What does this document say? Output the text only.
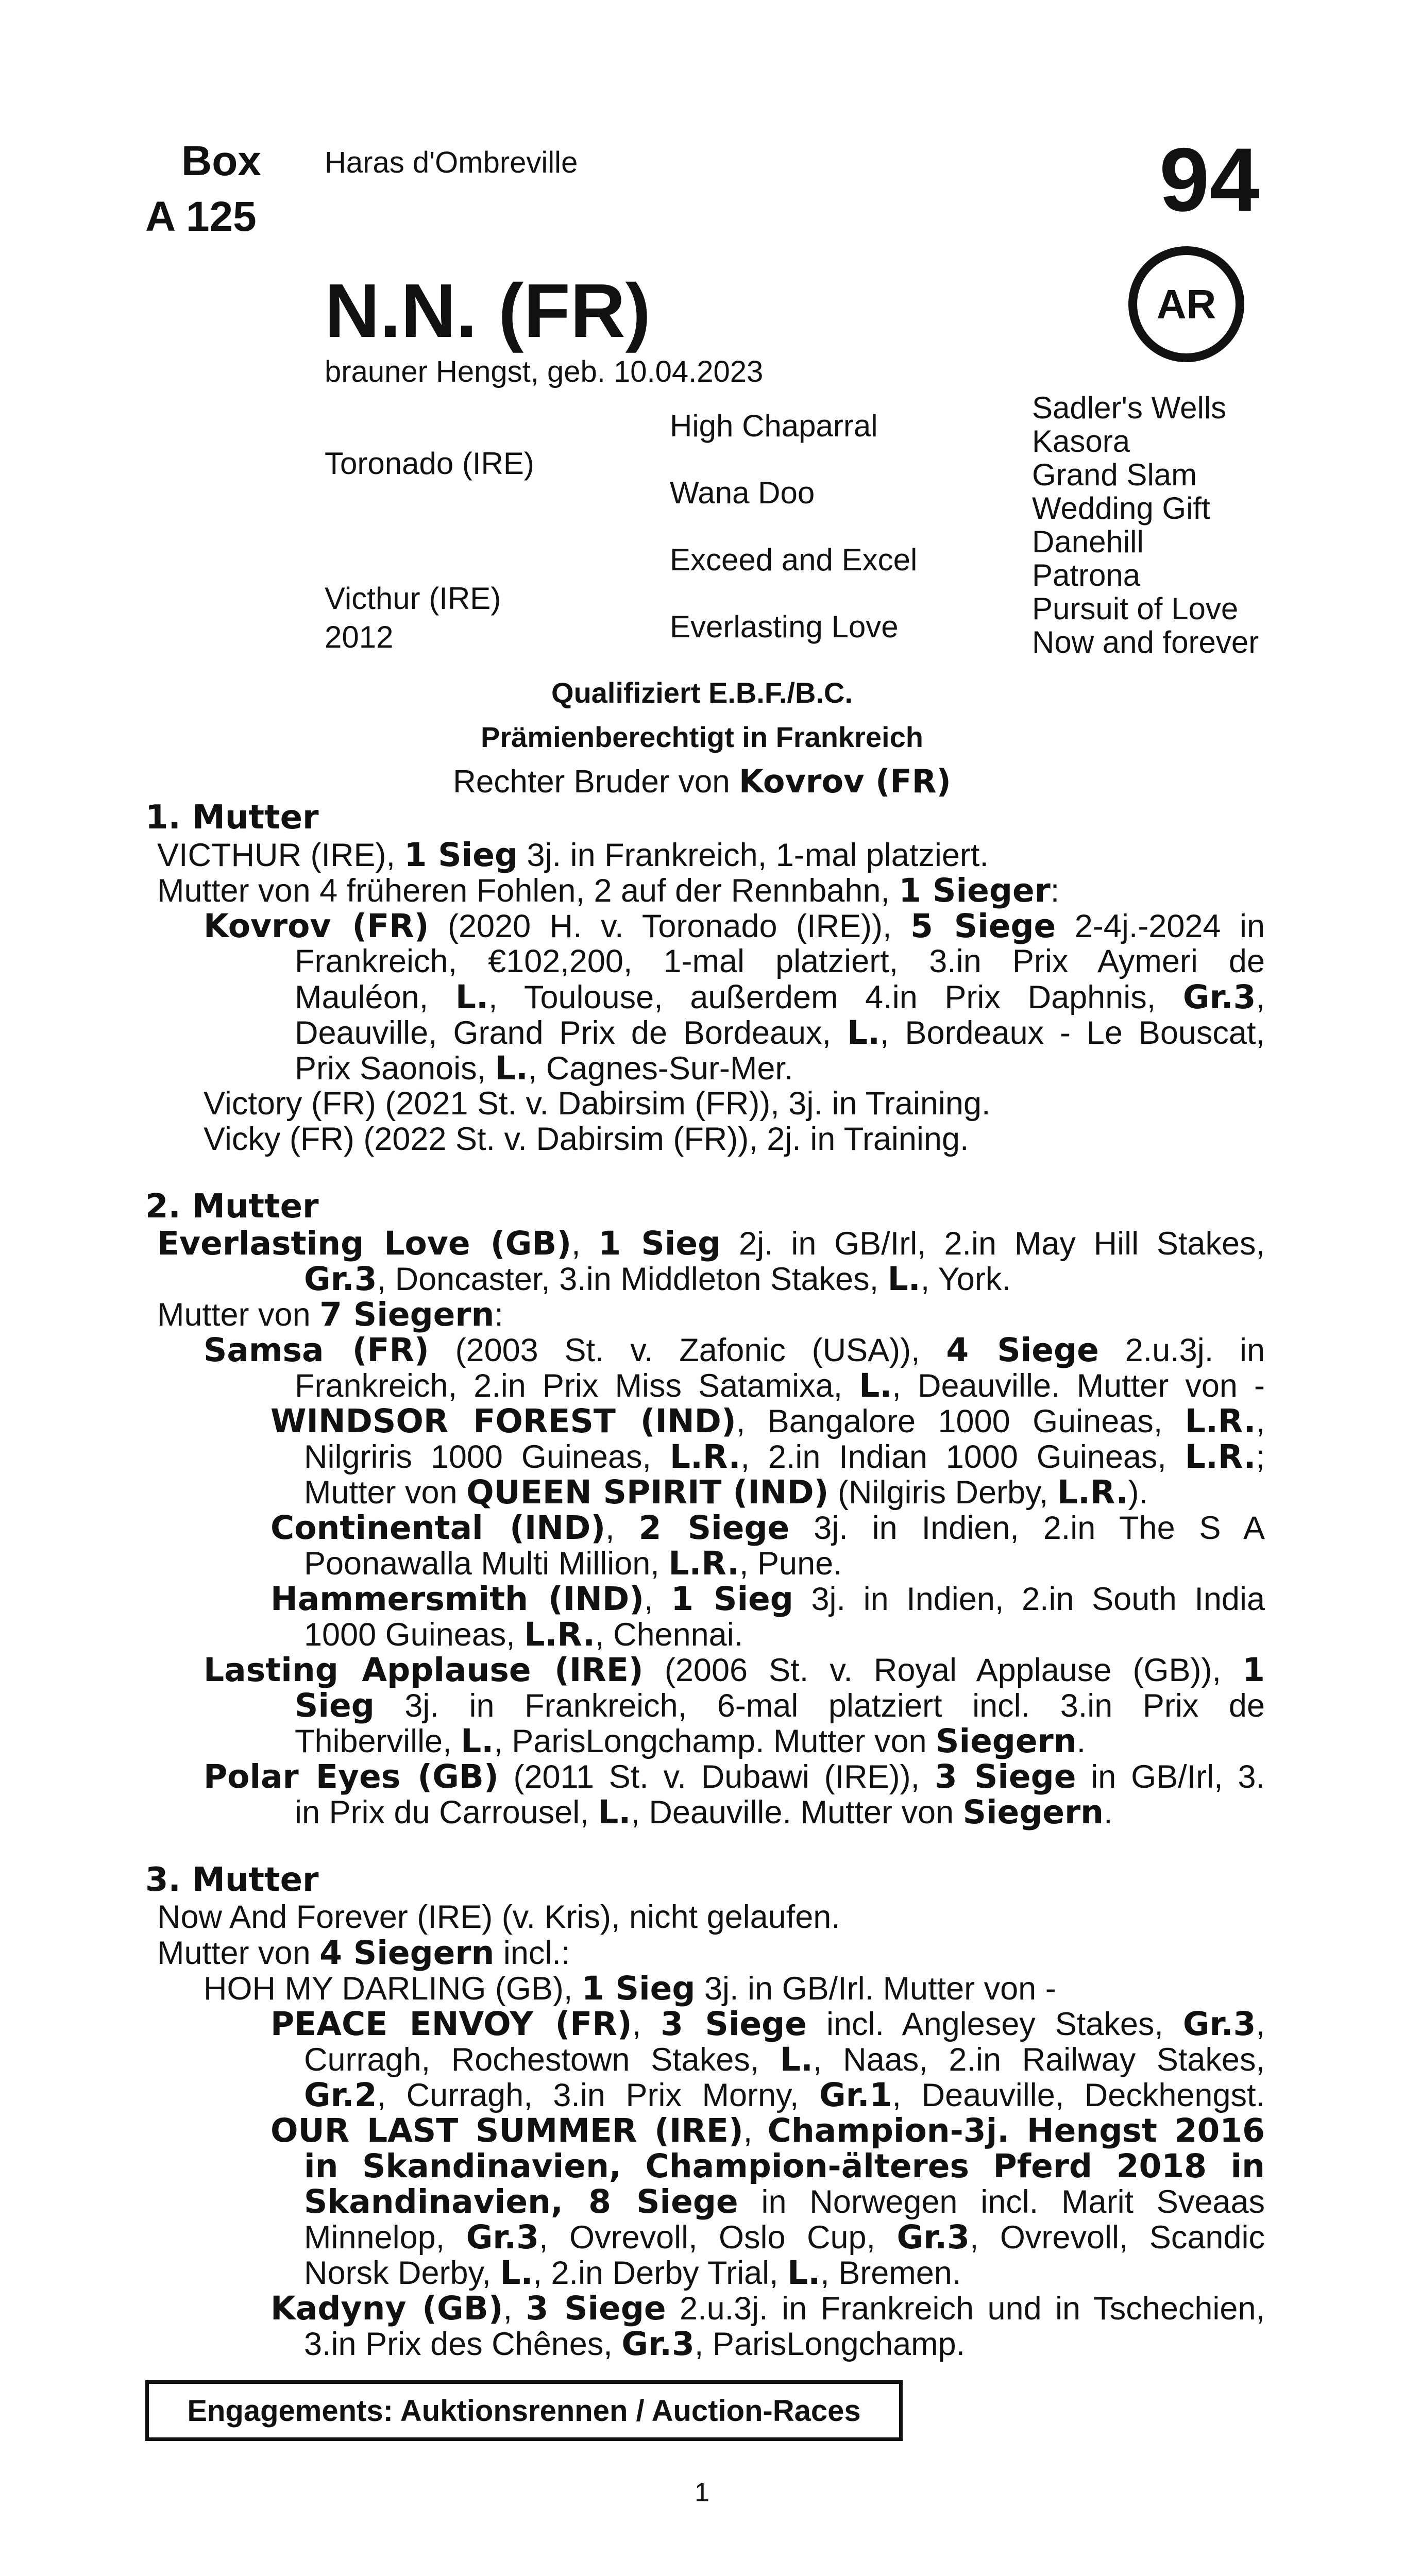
Box
A 125
Haras d'Ombreville	94
AR
N.N. (FR)
brauner Hengst, geb. 10.04.2023
Toronado (IRE)
Victhur (IRE)
2012
High Chaparral
Wana Doo
Exceed and Excel
Everlasting Love
Sadler's Wells
Kasora
Grand Slam
Wedding Gift
Danehill
Patrona
Pursuit of Love
Now and forever
Qualifiziert E.B.F./B.C.
Prämienberechtigt in Frankreich
Rechter Bruder von Kovrov (FR)
1. Mutter
VICTHUR (IRE), 1 Sieg 3j. in Frankreich, 1-mal platziert.
Mutter von 4 früheren Fohlen, 2 auf der Rennbahn, 1 Sieger:
Kovrov (FR) (2020 H. v. Toronado (IRE)), 5 Siege 2-4j.-2024 in
Frankreich, €102,200, 1-mal platziert, 3.in Prix Aymeri de
Mauléon, L., Toulouse, außerdem 4.in Prix Daphnis, Gr.3,
Deauville, Grand Prix de Bordeaux, L., Bordeaux - Le Bouscat,
Prix Saonois, L., Cagnes-Sur-Mer.
Victory (FR) (2021 St. v. Dabirsim (FR)), 3j. in Training.
Vicky (FR) (2022 St. v. Dabirsim (FR)), 2j. in Training.
2. Mutter
Everlasting Love (GB), 1 Sieg 2j. in GB/Irl, 2.in May Hill Stakes,
Gr.3, Doncaster, 3.in Middleton Stakes, L., York.
Mutter von 7 Siegern:
Samsa (FR) (2003 St. v. Zafonic (USA)), 4 Siege 2.u.3j. in
Frankreich, 2.in Prix Miss Satamixa, L., Deauville. Mutter von -
WINDSOR FOREST (IND), Bangalore 1000 Guineas, L.R.,
Nilgriris 1000 Guineas, L.R., 2.in Indian 1000 Guineas, L.R.;
Mutter von QUEEN SPIRIT (IND) (Nilgiris Derby, L.R.).
Continental (IND), 2 Siege 3j. in Indien, 2.in The S A
Poonawalla Multi Million, L.R., Pune.
Hammersmith (IND), 1 Sieg 3j. in Indien, 2.in South India
1000 Guineas, L.R., Chennai.
Lasting Applause (IRE) (2006 St. v. Royal Applause (GB)), 1
Sieg 3j. in Frankreich, 6-mal platziert incl. 3.in Prix de
Thiberville, L., ParisLongchamp. Mutter von Siegern.
Polar Eyes (GB) (2011 St. v. Dubawi (IRE)), 3 Siege in GB/Irl, 3.
in Prix du Carrousel, L., Deauville. Mutter von Siegern.
3. Mutter
Now And Forever (IRE) (v. Kris), nicht gelaufen.
Mutter von 4 Siegern incl.:
HOH MY DARLING (GB), 1 Sieg 3j. in GB/Irl. Mutter von -
PEACE ENVOY (FR), 3 Siege incl. Anglesey Stakes, Gr.3,
Curragh, Rochestown Stakes, L., Naas, 2.in Railway Stakes,
Gr.2, Curragh, 3.in Prix Morny, Gr.1, Deauville, Deckhengst.
OUR LAST SUMMER (IRE), Champion-3j. Hengst 2016
in Skandinavien, Champion-älteres Pferd 2018 in
Skandinavien, 8 Siege in Norwegen incl. Marit Sveaas
Minnelop, Gr.3, Ovrevoll, Oslo Cup, Gr.3, Ovrevoll, Scandic
Norsk Derby, L., 2.in Derby Trial, L., Bremen.
Kadyny (GB), 3 Siege 2.u.3j. in Frankreich und in Tschechien,
3.in Prix des Chênes, Gr.3, ParisLongchamp.
Engagements: Auktionsrennen / Auction-Races
1
